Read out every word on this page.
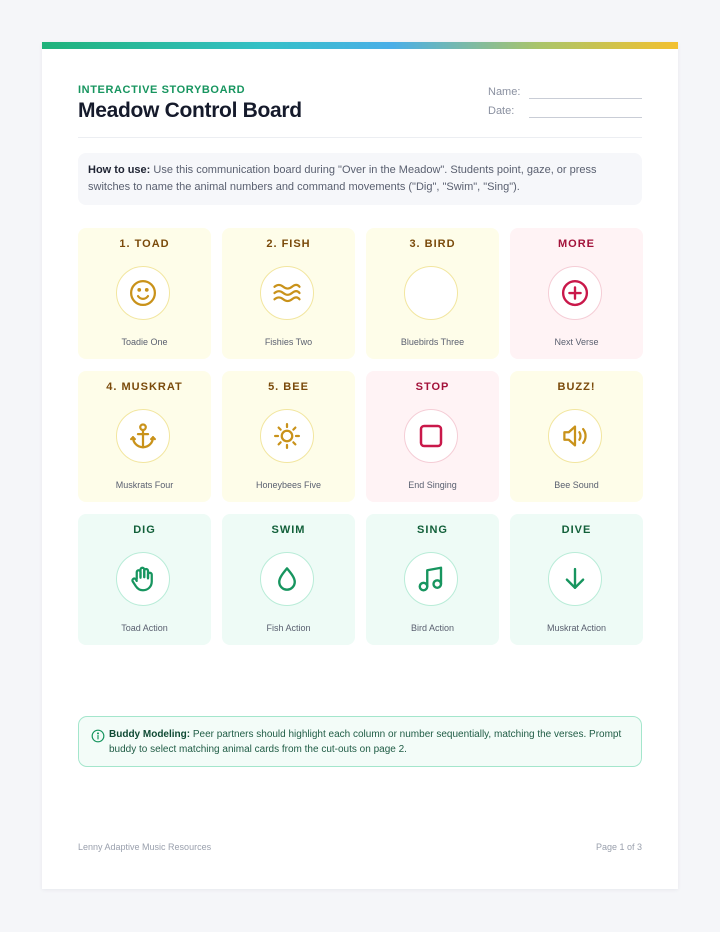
INTERACTIVE STORYBOARD
Meadow Control Board
Name:
Date:
How to use: Use this communication board during "Over in the Meadow". Students point, gaze, or press switches to name the animal numbers and command movements ("Dig", "Swim", "Sing").
1. TOAD
Toadie One
2. FISH
Fishies Two
3. BIRD
Bluebirds Three
MORE
Next Verse
4. MUSKRAT
Muskrats Four
5. BEE
Honeybees Five
STOP
End Singing
BUZZ!
Bee Sound
DIG
Toad Action
SWIM
Fish Action
SING
Bird Action
DIVE
Muskrat Action
Buddy Modeling: Peer partners should highlight each column or number sequentially, matching the verses. Prompt buddy to select matching animal cards from the cut-outs on page 2.
Lenny Adaptive Music Resources	Page 1 of 3
